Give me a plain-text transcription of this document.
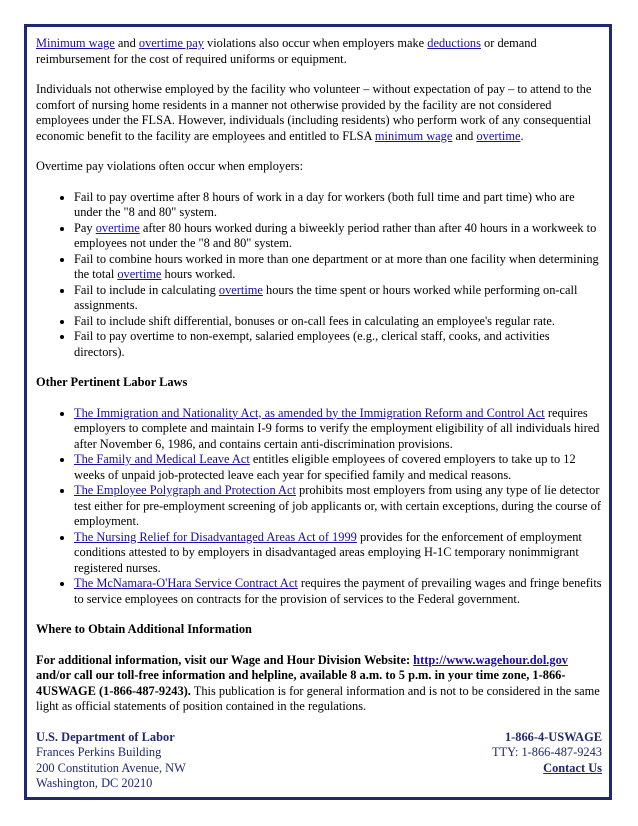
Minimum wage and overtime pay violations also occur when employers make deductions or demand reimbursement for the cost of required uniforms or equipment.

Individuals not otherwise employed by the facility who volunteer – without expectation of pay – to attend to the comfort of nursing home residents in a manner not otherwise provided by the facility are not considered employees under the FLSA. However, individuals (including residents) who perform work of any consequential economic benefit to the facility are employees and entitled to FLSA minimum wage and overtime.

Overtime pay violations often occur when employers:

• Fail to pay overtime after 8 hours of work in a day for workers (both full time and part time) who are under the "8 and 80" system.
• Pay overtime after 80 hours worked during a biweekly period rather than after 40 hours in a workweek to employees not under the "8 and 80" system.
• Fail to combine hours worked in more than one department or at more than one facility when determining the total overtime hours worked.
• Fail to include in calculating overtime hours the time spent or hours worked while performing on-call assignments.
• Fail to include shift differential, bonuses or on-call fees in calculating an employee's regular rate.
• Fail to pay overtime to non-exempt, salaried employees (e.g., clerical staff, cooks, and activities directors).
Other Pertinent Labor Laws
• The Immigration and Nationality Act, as amended by the Immigration Reform and Control Act requires employers to complete and maintain I-9 forms to verify the employment eligibility of all individuals hired after November 6, 1986, and contains certain anti-discrimination provisions.
• The Family and Medical Leave Act entitles eligible employees of covered employers to take up to 12 weeks of unpaid job-protected leave each year for specified family and medical reasons.
• The Employee Polygraph and Protection Act prohibits most employers from using any type of lie detector test either for pre-employment screening of job applicants or, with certain exceptions, during the course of employment.
• The Nursing Relief for Disadvantaged Areas Act of 1999 provides for the enforcement of employment conditions attested to by employers in disadvantaged areas employing H-1C temporary nonimmigrant registered nurses.
• The McNamara-O'Hara Service Contract Act requires the payment of prevailing wages and fringe benefits to service employees on contracts for the provision of services to the Federal government.
Where to Obtain Additional Information

For additional information, visit our Wage and Hour Division Website: http://www.wagehour.dol.gov and/or call our toll-free information and helpline, available 8 a.m. to 5 p.m. in your time zone, 1-866-4USWAGE (1-866-487-9243). This publication is for general information and is not to be considered in the same light as official statements of position contained in the regulations.

U.S. Department of Labor
Frances Perkins Building
200 Constitution Avenue, NW
Washington, DC 20210
1-866-4-USWAGE
TTY: 1-866-487-9243
Contact Us
